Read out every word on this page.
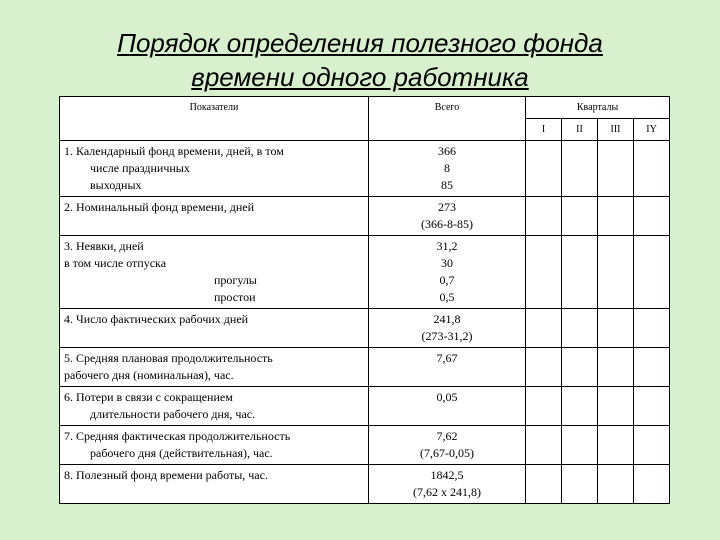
Порядок определения полезного фонда
времени одного работника
Показатели	Всего	Кварталы			
		I	II	III	IY

1. Календарный фонд времени, дней, в том
числе праздничных
выходных	366
8
85				

2. Номинальный фонд времени, дней	273
(366-8-85)				

3. Неявки, дней
в том числе отпуска
прогулы
простои	31,2
30
0,7
0,5				

4. Число фактических рабочих дней	241,8
(273-31,2)				

5. Средняя плановая продолжительность
рабочего дня (номинальная), час.	7,67				

6. Потери в связи с сокращением
длительности рабочего дня, час.	0,05				

7. Средняя фактическая продолжительность
рабочего дня (действительная), час.	7,62
(7,67-0,05)				

8. Полезный фонд времени работы, час.	1842,5
(7,62 х 241,8)				
